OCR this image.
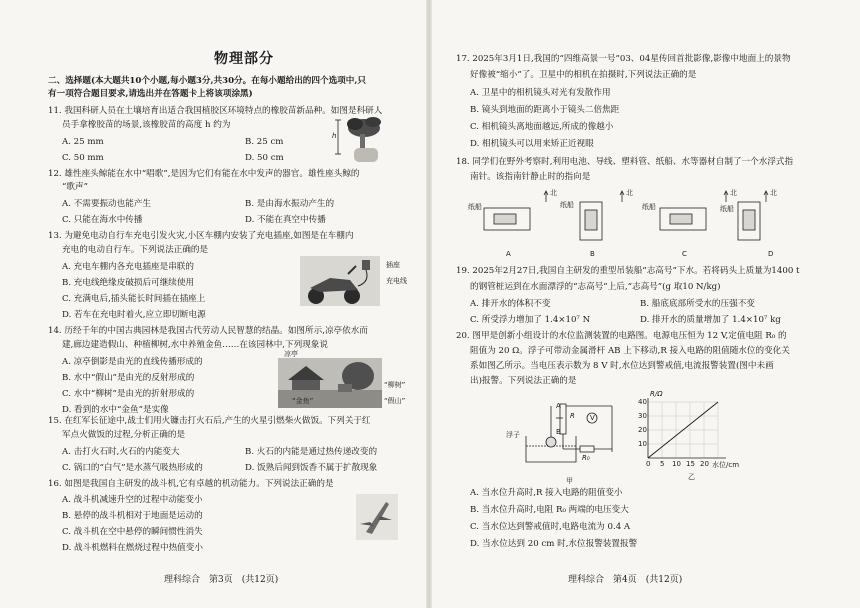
物理部分
二、选择题(本大题共10个小题,每小题3分,共30分。在每小题给出的四个选项中,只
有一项符合题目要求,请选出并在答题卡上将该项涂黑)
11. 我国科研人员在土壤培育出适合我国植胶区环境特点的橡胶苗新品种。如图是科研人
员手拿橡胶苗的场景,该橡胶苗的高度 h 约为
A. 25 mm	B. 25 cm
C. 50 mm	D. 50 cm
h
12. 雄性座头鲸能在水中“唱歌”,是因为它们有能在水中发声的器官。雄性座头鲸的
“歌声”
A. 不需要振动也能产生	B. 是由海水振动产生的
C. 只能在海水中传播	D. 不能在真空中传播
13. 为避免电动自行车充电引发火灾,小区车棚内安装了充电插座,如图是在车棚内
充电的电动自行车。下列说法正确的是
A. 充电车棚内各充电插座是串联的
B. 充电线绝缘皮破损后可继续使用
C. 充满电后,插头能长时间插在插座上
D. 若车在充电时着火,应立即切断电源
插座
充电线
14. 历经千年的中国古典园林是我国古代劳动人民智慧的结晶。如图所示,凉亭依水而
建,廊边建造假山、种植柳树,水中养殖金鱼……在该园林中,下列现象说
A. 凉亭倒影是由光的直线传播形成的
B. 水中“假山”是由光的反射形成的
C. 水中“柳树”是由光的折射形成的
D. 看到的水中“金鱼”是实像
凉亭
“柳树”
“金鱼”	“假山”
15. 在红军长征途中,战士们用火镰击打火石后,产生的火星引燃柴火做饭。下列关于红
军点火做饭的过程,分析正确的是
A. 击打火石时,火石的内能变大	B. 火石的内能是通过热传递改变的
C. 锅口的“白气”是水蒸气吸热形成的	D. 饭熟后闻到饭香不属于扩散现象
16. 如图是我国自主研发的战斗机,它有卓越的机动能力。下列说法正确的是
A. 战斗机减速升空的过程中动能变小
B. 悬停的战斗机相对于地面是运动的
C. 战斗机在空中悬停的瞬间惯性消失
D. 战斗机燃料在燃烧过程中热值变小
理科综合　第3页　(共12页)
17. 2025年3月1日,我国的“四维高景一号”03、04星传回首批影像,影像中地面上的景物
好像被“缩小”了。卫星中的相机在拍摄时,下列说法正确的是
A. 卫星中的相机镜头对光有发散作用
B. 镜头到地面的距离小于镜头二倍焦距
C. 相机镜头离地面越远,所成的像越小
D. 相机镜头可以用来矫正近视眼
18. 同学们在野外考察时,利用电池、导线、塑料管、纸船、水等器材自制了一个水浮式指
南针。该指南针静止时的指向是
北	北	北	北
纸船	纸船	纸船	纸船
A	B	C	D
19. 2025年2月27日,我国自主研发的重型吊装船“志高号”下水。若将码头上质量为1400 t
的钢管桩运到在水面漂浮的“志高号”上后,“志高号”(g 取10 N/kg)
A. 排开水的体积不变	B. 船底底部所受水的压强不变
C. 所受浮力增加了 1.4×10⁷ N	D. 排开水的质量增加了 1.4×10⁷ kg
20. 图甲是创新小组设计的水位监测装置的电路图。电源电压恒为 12 V,定值电阻 R₀ 的
阻值为 20 Ω。浮子可带动金属滑杆 AB 上下移动,R 接入电路的阻值随水位的变化关
系如图乙所示。当电压表示数为 8 V 时,水位达到警戒值,电流报警装置(图中未画
出)报警。下列说法正确的是
浮子
A
B
R V
R₀
甲
R/Ω
10
20
30
40
0 5 10 15 20 水位/cm
乙
A. 当水位升高时,R 接入电路的阻值变小
B. 当水位升高时,电阻 R₀ 两端的电压变大
C. 当水位达到警戒值时,电路电流为 0.4 A
D. 当水位达到 20 cm 时,水位报警装置报警
理科综合　第4页　(共12页)
